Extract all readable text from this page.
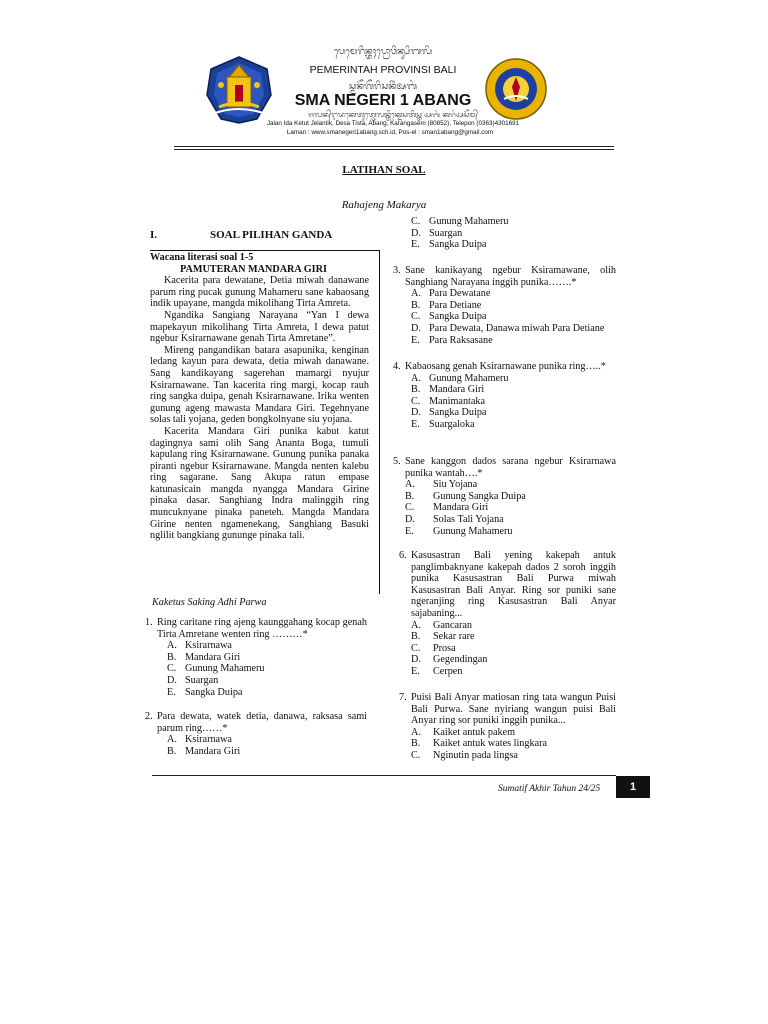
ᬧᬾᬫᬾᬭᬶᬦ᭄ᬢᬄᬧ᭄ᬭᭀᬯᬶᬦ᭄ᬲᬶᬩᬮᬶ
PEMERINTAH PROVINSI BALI
ᬲ᭄ᬫᬦᭂᬕᭂᬭᬶᬲᬦᬶᬂᬅᬩᬂ
SMA NEGERI 1 ABANG
ᬚᬮᬦ᭄ᬇᬤᬓᬾᬢᬸᬢ᭄ᬚᬾᬮᬦ᭄ᬢᬶᬓ᭄ᬤᬾᬲᬢᬶᬲ᭄ᬢ ᬅᬩᬂ ᬓᬭᬂᬅᬲᭂᬫ᭄
Jalan Ida Ketut Jelantik, Desa Tista, Abang, Karangasem (80852), Telepon (0363)4301691
Laman : www.smanegeri1abang.sch.id, Pos-el : sman1abang@gmail.com
LATIHAN SOAL
Rahajeng Makarya
I.	SOAL PILIHAN GANDA

Wacana literasi soal 1-5

PAMUTERAN MANDARA GIRI

Kacerita para dewatane, Detia miwah danawane parum ring pucak gunung Mahameru sane kabaosang indik upayane, mangda mikolihang Tirta Amreta.

Ngandika Sangiang Narayana “Yan I dewa mapekayun mikolihang Tirta Amreta, I dewa patut ngebur Ksirarnawane genah Tirta Amretane”.

Mireng pangandikan batara asapunika, kenginan ledang kayun para dewata, detia miwah danawane. Sang kandikayang sagerehan mamargi nyujur Ksirarnawane. Tan kacerita ring margi, kocap rauh ring sangka duipa, genah Ksirarnawane. Irika wenten gunung ageng mawasta Mandara Giri. Tegehnyane solas tali yojana, geden bongkolnyane siu yojana.

Kacerita Mandara Giri punika kabut katut dagingnya sami olih Sang Ananta Boga, tumuli kapulang ring Ksirarnawane. Gunung punika panaka piranti ngebur Ksirarnawane. Mangda nenten kalebu ring sagarane. Sang Akupa ratun empase katunasicain mangda nyangga Mandara Girine pinaka dasar. Sanghiang Indra malinggih ring muncuknyane pinaka paneteh. Mangda Mandara Girine nenten ngamenekang, Sanghiang Basuki nglilit bangkiang gununge pinaka tali.

Kaketus Saking Adhi Parwa
1. Ring caritane ring ajeng kaunggahang kocap genah Tirta Amretane wenten ring ………*
A. Ksirarnawa
B. Mandara Giri
C. Gunung Mahameru
D. Suargan
E. Sangka Duipa
2. Para dewata, watek detia, danawa, raksasa sami parum ring……*
A. Ksirarnawa
B. Mandara Giri
C. Gunung Mahameru
D. Suargan
E. Sangka Duipa
3. Sane kanikayang ngebur Ksiramawane, olih Sanghiang Narayana inggih punika…….*
A. Para Dewatane
B. Para Detiane
C. Sangka Duipa
D. Para Dewata, Danawa miwah Para Detiane
E. Para Raksasane
4. Kabaosang genah Ksirarnawane punika ring…..*
A. Gunung Mahameru
B. Mandara Giri
C. Manimantaka
D. Sangka Duipa
E. Suargaloka
5. Sane kanggon dados sarana ngebur Ksirarnawa punika wantah….*
A.	Siu Yojana
B.	Gunung Sangka Duipa
C.	Mandara Giri
D.	Solas Tali Yojana
E.	Gunung Mahameru
6. Kasusastran Bali yening kakepah antuk panglimbaknyane kakepah dados 2 soroh inggih punika Kasusastran Bali Purwa miwah Kasusastran Bali Anyar. Ring sor puniki sane ngeranjing ring Kasusastran Bali Anyar sajabaning...
A.	Gancaran
B.	Sekar rare
C.	Prosa
D.	Gegendingan
E.	Cerpen
7. Puisi Bali Anyar matiosan ring tata wangun Puisi Bali Purwa. Sane nyiriang wangun puisi Bali Anyar ring sor puniki inggih punika...
A.	Kaiket antuk pakem
B.	Kaiket antuk wates lingkara
C.	Nginutin pada lingsa
Sumatif Akhir Tahun 24/25	1
